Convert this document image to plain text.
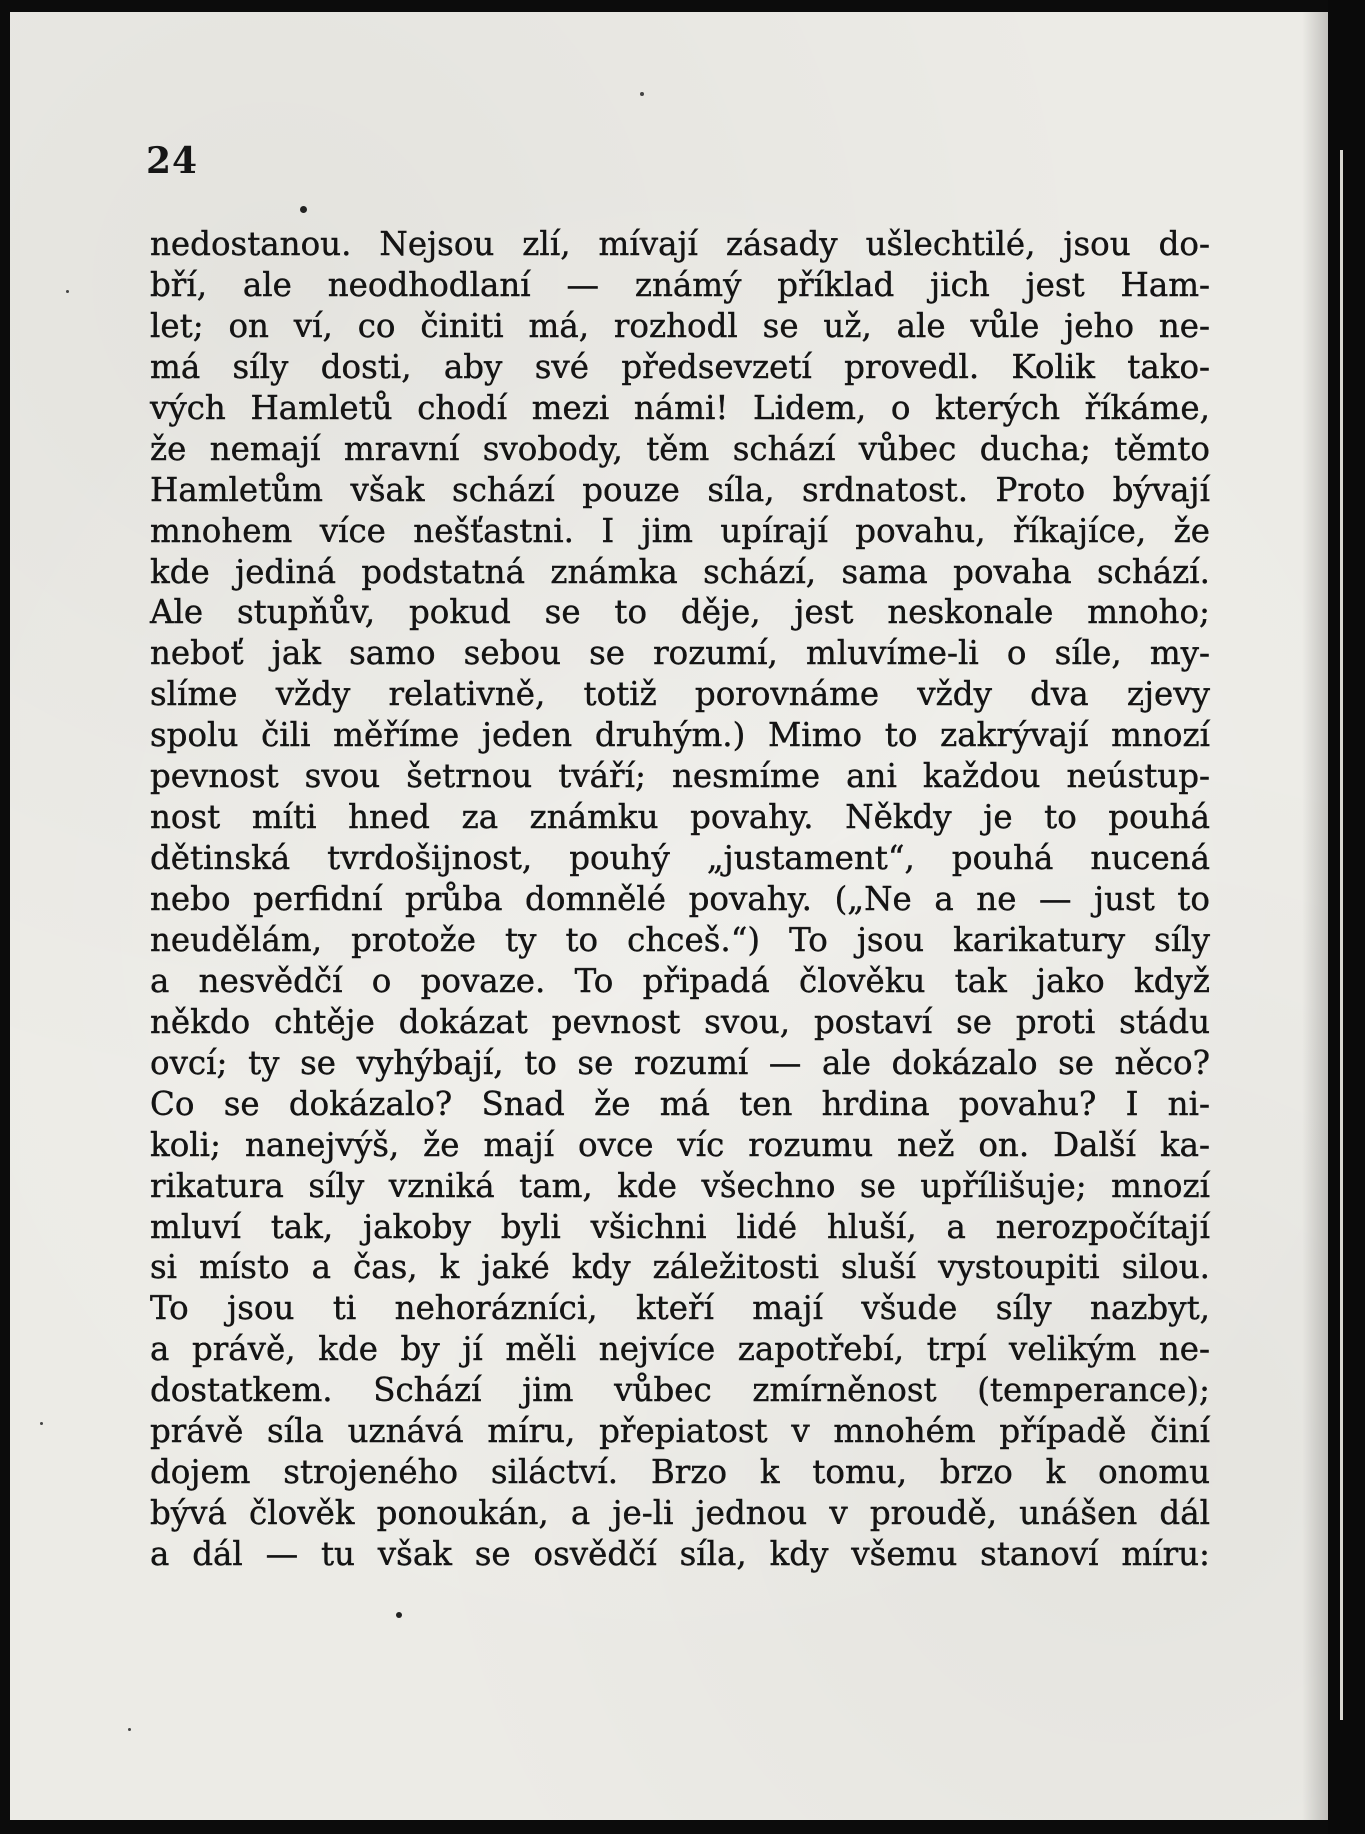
24
nedostanou. Nejsou zlí, mívají zásady ušlechtilé, jsou do-
bří, ale neodhodlaní — známý příklad jich jest Ham-
let; on ví, co činiti má, rozhodl se už, ale vůle jeho ne-
má síly dosti, aby své předsevzetí provedl. Kolik tako-
vých Hamletů chodí mezi námi! Lidem, o kterých říkáme,
že nemají mravní svobody, těm schází vůbec ducha; těmto
Hamletům však schází pouze síla, srdnatost. Proto bývají
mnohem více nešťastni. I jim upírají povahu, říkajíce, že
kde jediná podstatná známka schází, sama povaha schází.
Ale stupňův, pokud se to děje, jest neskonale mnoho;
neboť jak samo sebou se rozumí, mluvíme-li o síle, my-
slíme vždy relativně, totiž porovnáme vždy dva zjevy
spolu čili měříme jeden druhým.) Mimo to zakrývají mnozí
pevnost svou šetrnou tváří; nesmíme ani každou neústup-
nost míti hned za známku povahy. Někdy je to pouhá
dětinská tvrdošijnost, pouhý „justament“, pouhá nucená
nebo perfidní průba domnělé povahy. („Ne a ne — just to
neudělám, protože ty to chceš.“) To jsou karikatury síly
a nesvědčí o povaze. To připadá člověku tak jako když
někdo chtěje dokázat pevnost svou, postaví se proti stádu
ovcí; ty se vyhýbají, to se rozumí — ale dokázalo se něco?
Co se dokázalo? Snad že má ten hrdina povahu? I ni-
koli; nanejvýš, že mají ovce víc rozumu než on. Další ka-
rikatura síly vzniká tam, kde všechno se upřílišuje; mnozí
mluví tak, jakoby byli všichni lidé hluší, a nerozpočítají
si místo a čas, k jaké kdy záležitosti sluší vystoupiti silou.
To jsou ti nehorázníci, kteří mají všude síly nazbyt,
a právě, kde by jí měli nejvíce zapotřebí, trpí velikým ne-
dostatkem. Schází jim vůbec zmírněnost (temperance);
právě síla uznává míru, přepiatost v mnohém případě činí
dojem strojeného siláctví. Brzo k tomu, brzo k onomu
bývá člověk ponoukán, a je-li jednou v proudě, unášen dál
a dál — tu však se osvědčí síla, kdy všemu stanoví míru:
